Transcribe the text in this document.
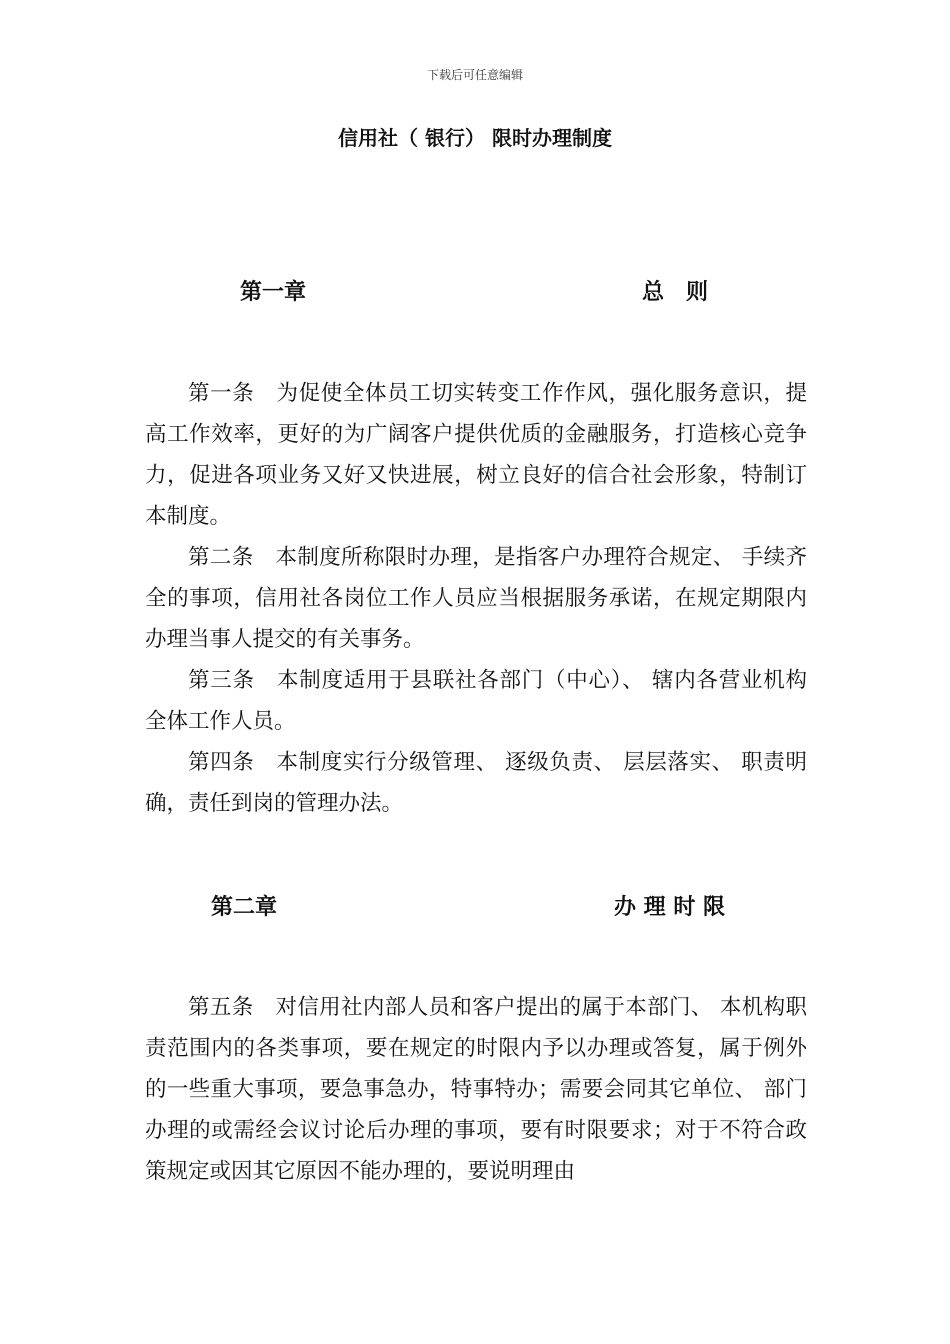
下载后可任意编辑
信用社（ 银行） 限时办理制度
第一章	总　则

第一条　为促使全体员工切实转变工作作风，强化服务意识，提高工作效率，更好的为广阔客户提供优质的金融服务，打造核心竞争力，促进各项业务又好又快进展，树立良好的信合社会形象，特制订本制度。

第二条　本制度所称限时办理，是指客户办理符合规定、 手续齐全的事项，信用社各岗位工作人员应当根据服务承诺，在规定期限内办理当事人提交的有关事务。

第三条　本制度适用于县联社各部门（中心）、 辖内各营业机构全体工作人员。

第四条　本制度实行分级管理、 逐级负责、 层层落实、 职责明确，责任到岗的管理办法。

第二章	办 理 时 限

第五条　对信用社内部人员和客户提出的属于本部门、 本机构职责范围内的各类事项，要在规定的时限内予以办理或答复，属于例外的一些重大事项，要急事急办，特事特办；需要会同其它单位、 部门办理的或需经会议讨论后办理的事项，要有时限要求；对于不符合政策规定或因其它原因不能办理的，要说明理由
